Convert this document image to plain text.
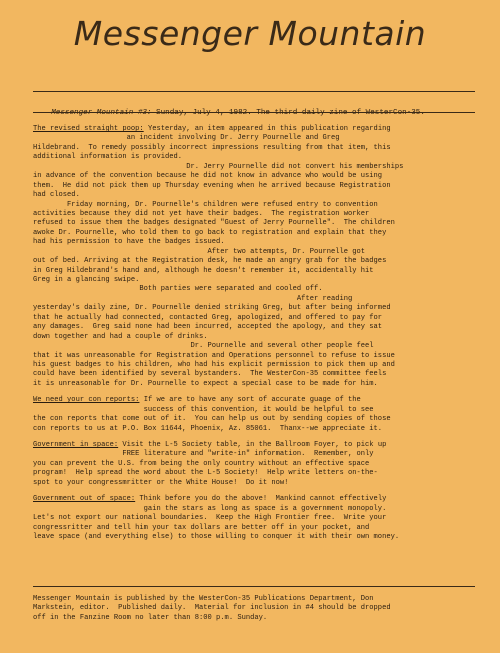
Messenger Mountain

Messenger Mountain #3: Sunday, July 4, 1982. The third daily zine of WesterCon-35.

The revised straight poop: Yesterday, an item appeared in this publication regarding
an incident involving Dr. Jerry Pournelle and Greg
Hildebrand.  To remedy possibly incorrect impressions resulting from that item, this
additional information is provided.
Dr. Jerry Pournelle did not convert his memberships
in advance of the convention because he did not know in advance who would be using
them.  He did not pick them up Thursday evening when he arrived because Registration
had closed.
Friday morning, Dr. Pournelle's children were refused entry to convention
activities because they did not yet have their badges.  The registration worker
refused to issue them the badges designated "Guest of Jerry Pournelle".  The children
awoke Dr. Pournelle, who told them to go back to registration and explain that they
had his permission to have the badges issued.
After two attempts, Dr. Pournelle got
out of bed. Arriving at the Registration desk, he made an angry grab for the badges
in Greg Hildebrand's hand and, although he doesn't remember it, accidentally hit
Greg in a glancing swipe.
Both parties were separated and cooled off.
After reading
yesterday's daily zine, Dr. Pournelle denied striking Greg, but after being informed
that he actually had connected, contacted Greg, apologized, and offered to pay for
any damages.  Greg said none had been incurred, accepted the apology, and they sat
down together and had a couple of drinks.
Dr. Pournelle and several other people feel
that it was unreasonable for Registration and Operations personnel to refuse to issue
his guest badges to his children, who had his explicit permission to pick them up and
could have been identified by several bystanders.  The WesterCon-35 committee feels
it is unreasonable for Dr. Pournelle to expect a special case to be made for him.
We need your con reports: If we are to have any sort of accurate guage of the
success of this convention, it would be helpful to see
the con reports that come out of it.  You can help us out by sending copies of those
con reports to us at P.O. Box 11644, Phoenix, Az. 85061.  Thanx--we appreciate it.
Government in space: Visit the L-5 Society table, in the Ballroom Foyer, to pick up
FREE literature and "write-in" information.  Remember, only
you can prevent the U.S. from being the only country without an effective space
program!  Help spread the word about the L-5 Society!  Help write letters on-the-
spot to your congressmritter or the White House!  Do it now!
Government out of space: Think before you do the above!  Mankind cannot effectively
gain the stars as long as space is a government monopoly.
Let's not export our national boundaries.  Keep the High Frontier free.  Write your
congressritter and tell him your tax dollars are better off in your pocket, and
leave space (and everything else) to those willing to conquer it with their own money.
Messenger Mountain is published by the WesterCon-35 Publications Department, Don
Markstein, editor.  Published daily.  Material for inclusion in #4 should be dropped
off in the Fanzine Room no later than 8:00 p.m. Sunday.
